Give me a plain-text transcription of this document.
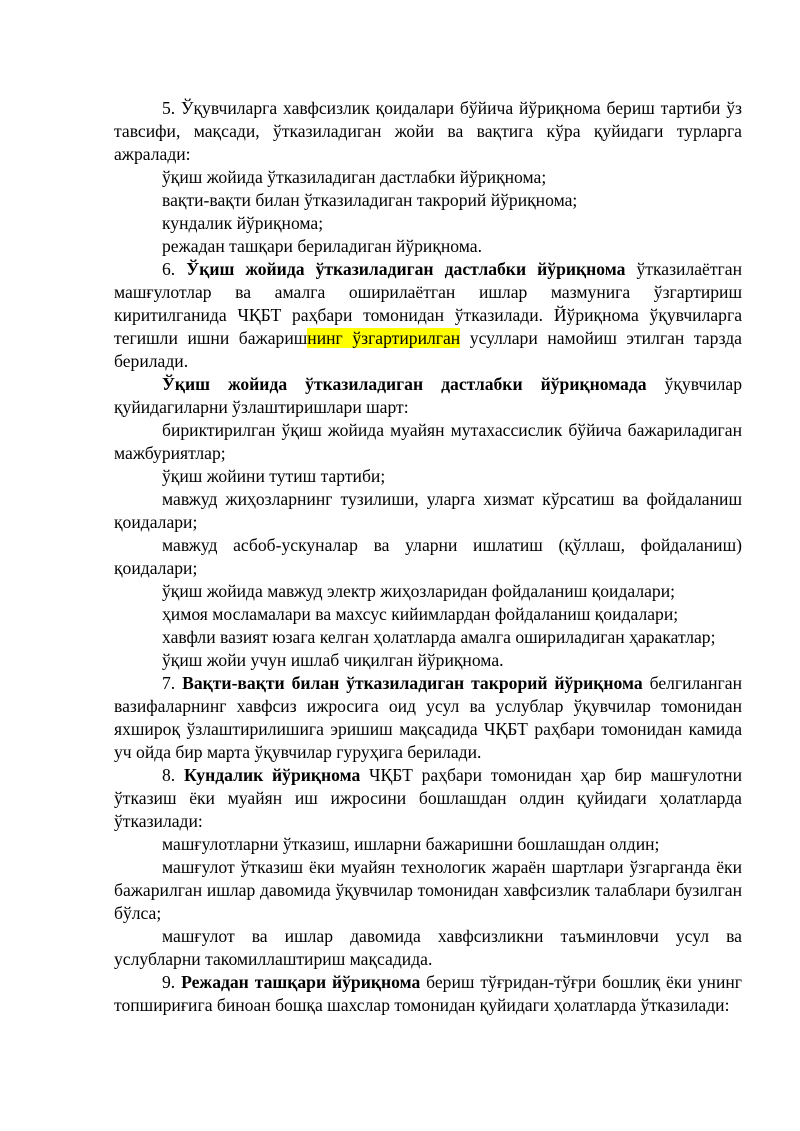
5. Ўқувчиларга хавфсизлик қоидалари бўйича йўриқнома бериш тартиби ўз тавсифи, мақсади, ўтказиладиган жойи ва вақтига кўра қуйидаги турларга ажралади:

ўқиш жойида ўтказиладиган дастлабки йўриқнома;

вақти-вақти билан ўтказиладиган такрорий йўриқнома;

кундалик йўриқнома;

режадан ташқари бериладиган йўриқнома.

6. Ўқиш жойида ўтказиладиган дастлабки йўриқнома ўтказилаётган машғулотлар ва амалга оширилаётган ишлар мазмунига ўзгартириш киритилганида ЧҚБТ раҳбари томонидан ўтказилади. Йўриқнома ўқувчиларга тегишли ишни бажаришнинг ўзгартирилган усуллари намойиш этилган тарзда берилади.

Ўқиш жойида ўтказиладиган дастлабки йўриқномада ўқувчилар қуйидагиларни ўзлаштиришлари шарт:

бириктирилган ўқиш жойида муайян мутахассислик бўйича бажариладиган мажбуриятлар;

ўқиш жойини тутиш тартиби;

мавжуд жиҳозларнинг тузилиши, уларга хизмат кўрсатиш ва фойдаланиш қоидалари;

мавжуд асбоб-ускуналар ва уларни ишлатиш (қўллаш, фойдаланиш) қоидалари;

ўқиш жойида мавжуд электр жиҳозларидан фойдаланиш қоидалари;

ҳимоя мосламалари ва махсус кийимлардан фойдаланиш қоидалари;

хавфли вазият юзага келган ҳолатларда амалга ошириладиган ҳаракатлар;

ўқиш жойи учун ишлаб чиқилган йўриқнома.

7. Вақти-вақти билан ўтказиладиган такрорий йўриқнома белгиланган вазифаларнинг хавфсиз ижросига оид усул ва услублар ўқувчилар томонидан яхшироқ ўзлаштирилишига эришиш мақсадида ЧҚБТ раҳбари томонидан камида уч ойда бир марта ўқувчилар гуруҳига берилади.

8. Кундалик йўриқнома ЧҚБТ раҳбари томонидан ҳар бир машғулотни ўтказиш ёки муайян иш ижросини бошлашдан олдин қуйидаги ҳолатларда ўтказилади:

машғулотларни ўтказиш, ишларни бажаришни бошлашдан олдин;

машғулот ўтказиш ёки муайян технологик жараён шартлари ўзгарганда ёки бажарилган ишлар давомида ўқувчилар томонидан хавфсизлик талаблари бузилган бўлса;

машғулот ва ишлар давомида хавфсизликни таъминловчи усул ва услубларни такомиллаштириш мақсадида.

9. Режадан ташқари йўриқнома бериш тўғридан-тўғри бошлиқ ёки унинг топшириғига биноан бошқа шахслар томонидан қуйидаги ҳолатларда ўтказилади:
